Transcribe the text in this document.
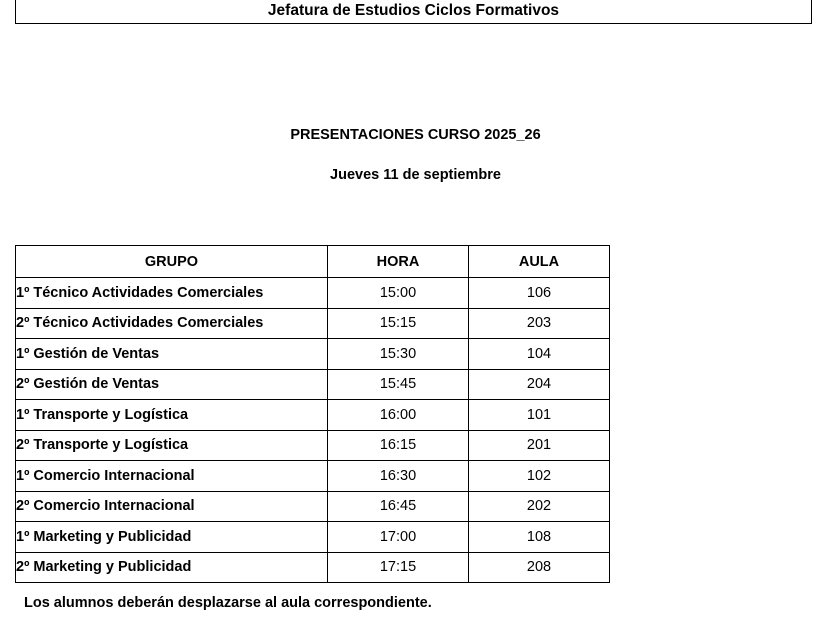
Jefatura de Estudios Ciclos Formativos
PRESENTACIONES CURSO 2025_26
Jueves 11 de septiembre
GRUPO	HORA	AULA
1º Técnico Actividades Comerciales	15:00	106
2º Técnico Actividades Comerciales	15:15	203
1º Gestión de Ventas	15:30	104
2º Gestión de Ventas	15:45	204
1º Transporte y Logística	16:00	101
2º Transporte y Logística	16:15	201
1º Comercio Internacional	16:30	102
2º Comercio Internacional	16:45	202
1º Marketing y Publicidad	17:00	108
2º Marketing y Publicidad	17:15	208
Los alumnos deberán desplazarse al aula correspondiente.
